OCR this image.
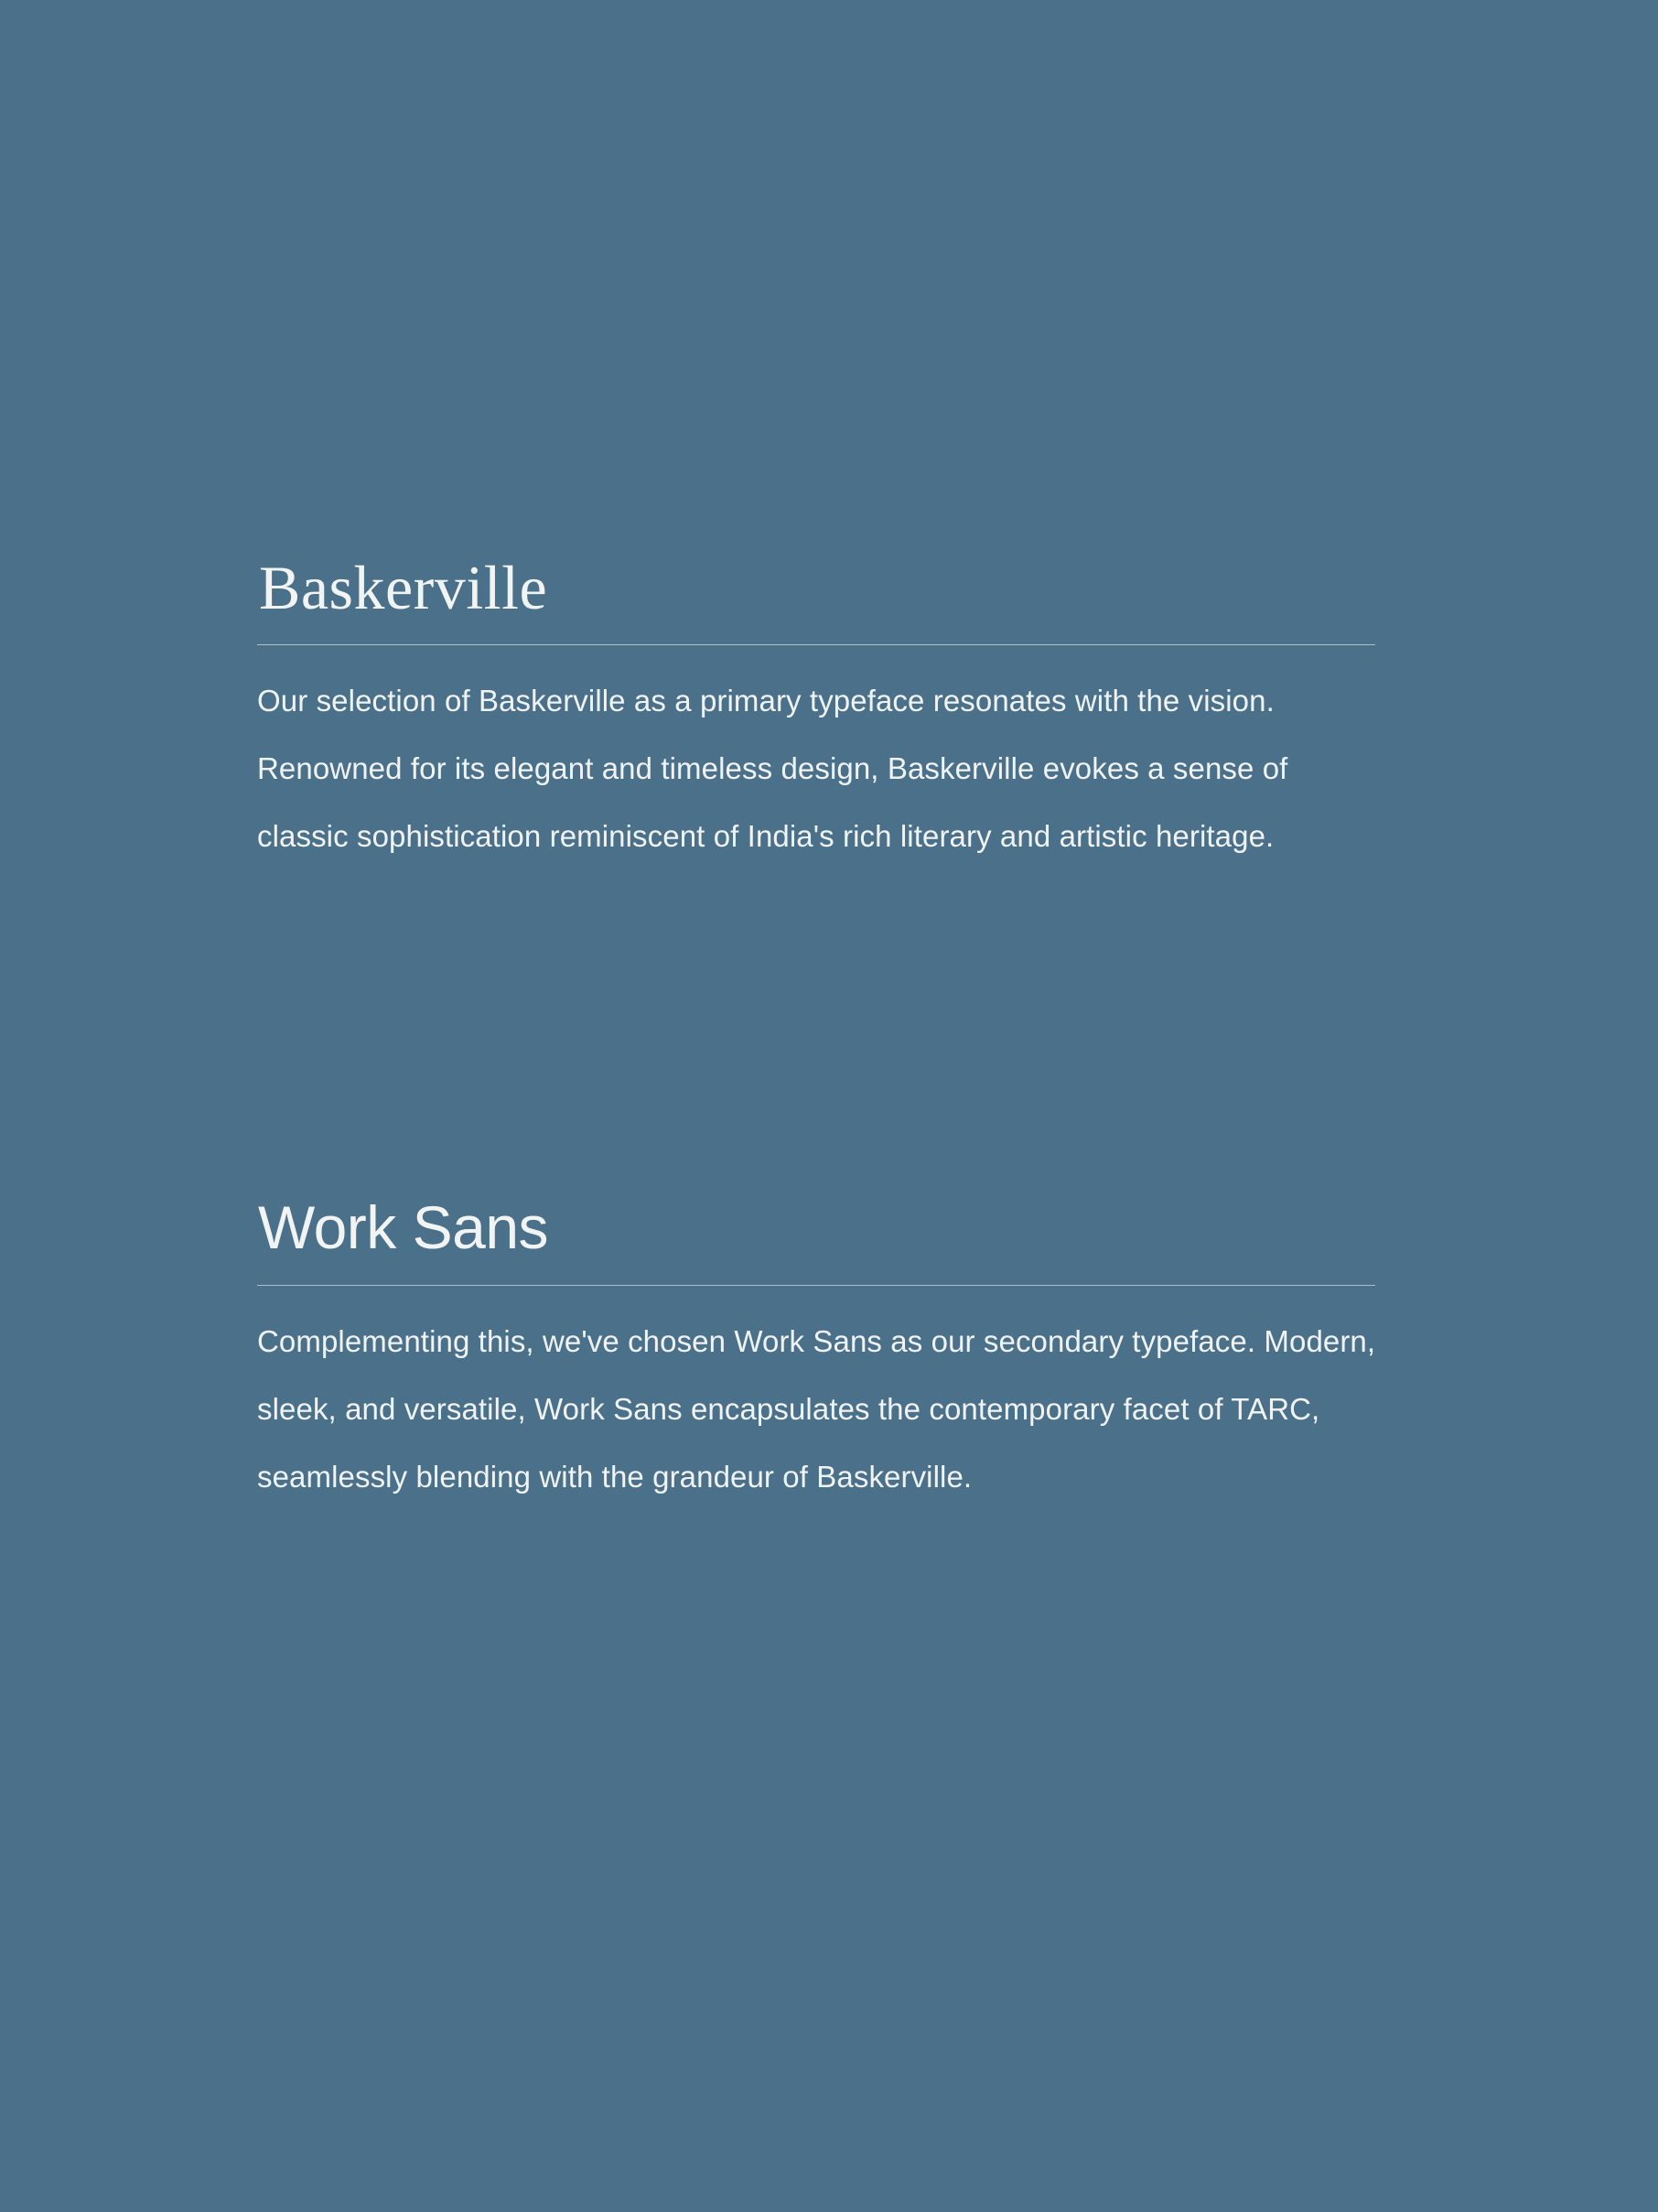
Baskerville

Our selection of Baskerville as a primary typeface resonates with the vision. Renowned for its elegant and timeless design, Baskerville evokes a sense of classic sophistication reminiscent of India's rich literary and artistic heritage.

Work Sans

Complementing this, we've chosen Work Sans as our secondary typeface. Modern, sleek, and versatile, Work Sans encapsulates the contemporary facet of TARC, seamlessly blending with the grandeur of Baskerville.
